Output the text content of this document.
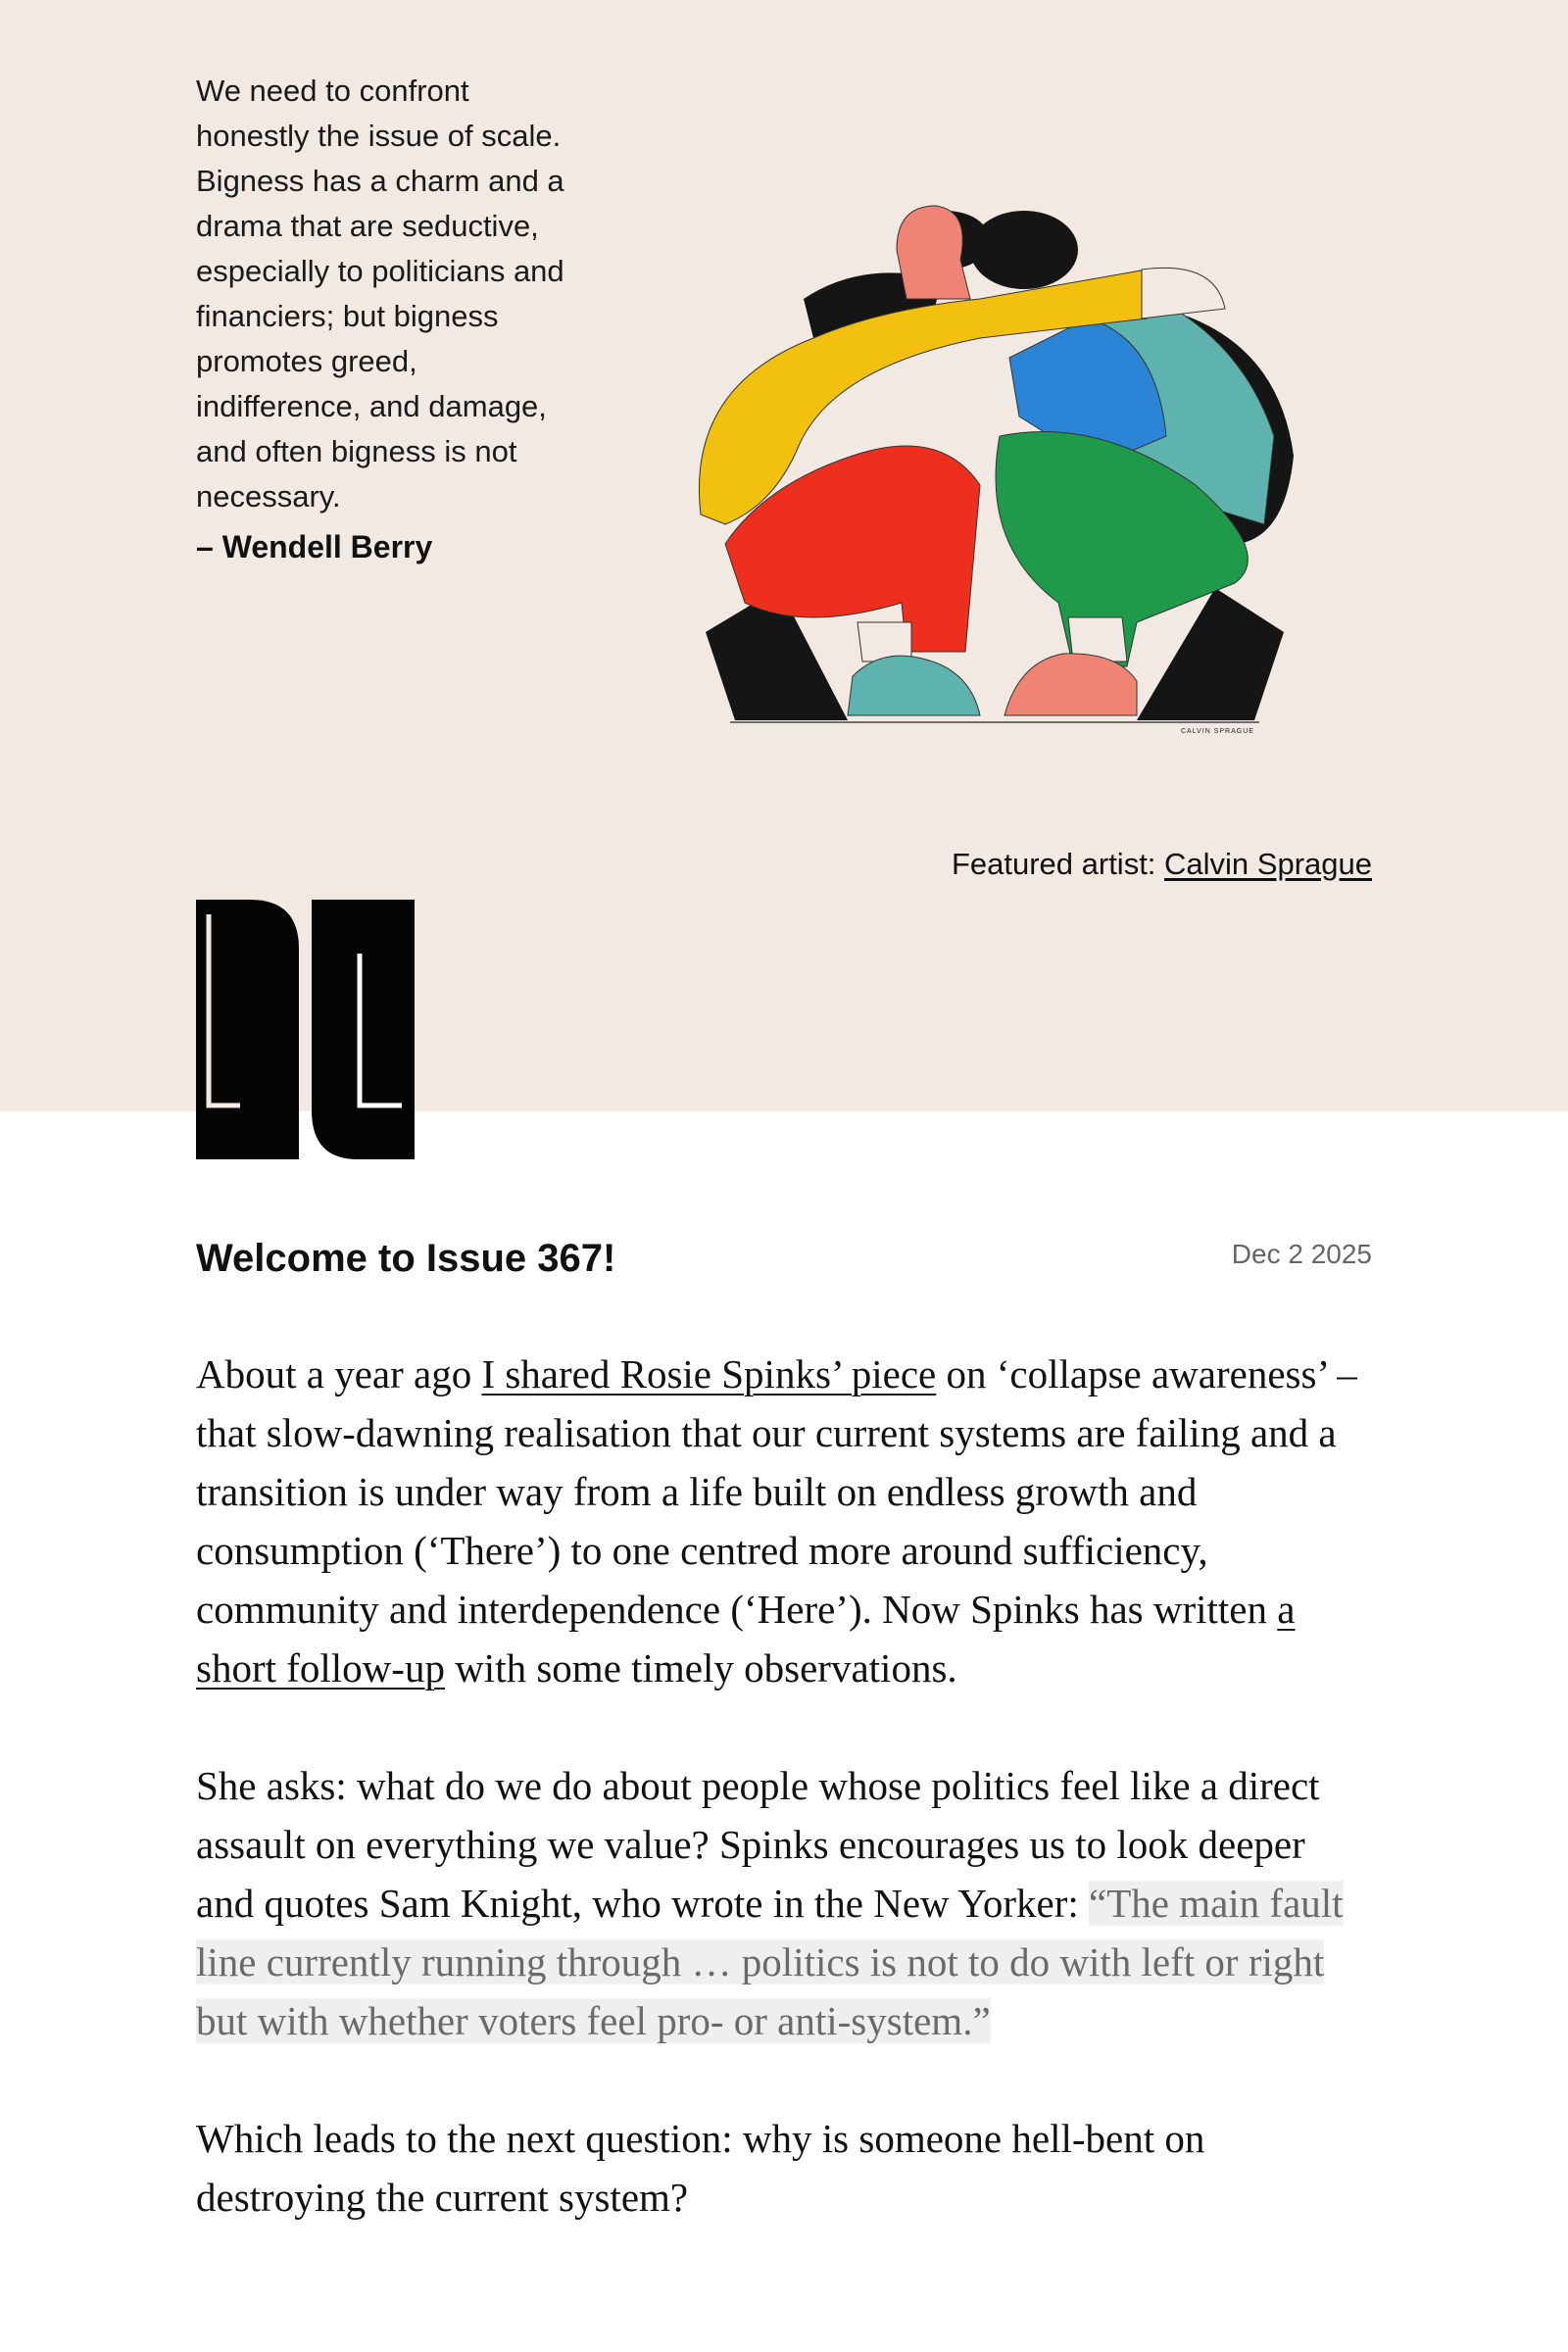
We need to confront honestly the issue of scale. Bigness has a charm and a drama that are seductive, especially to politicians and financiers; but bigness promotes greed, indifference, and damage, and often bigness is not necessary.
– Wendell Berry
CALVIN SPRAGUE
Featured artist: Calvin Sprague
Welcome to Issue 367!	Dec 2 2025

About a year ago I shared Rosie Spinks’ piece on ‘collapse awareness’ – that slow-dawning realisation that our current systems are failing and a transition is under way from a life built on endless growth and consumption (‘There’) to one centred more around sufficiency, community and interdependence (‘Here’). Now Spinks has written a short follow-up with some timely observations.

She asks: what do we do about people whose politics feel like a direct assault on everything we value? Spinks encourages us to look deeper and quotes Sam Knight, who wrote in the New Yorker: “The main fault line currently running through … politics is not to do with left or right but with whether voters feel pro- or anti-system.”

Which leads to the next question: why is someone hell-bent on destroying the current system?
